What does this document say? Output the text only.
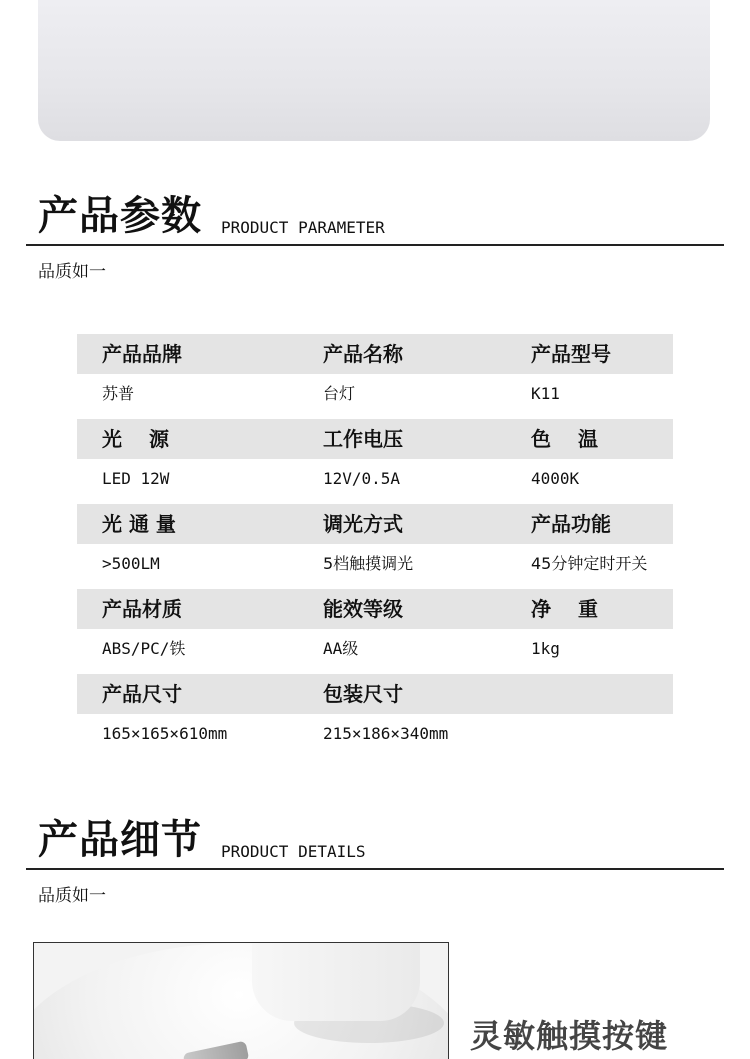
产品参数 PRODUCT PARAMETER
品质如一
产品品牌	产品名称	产品型号
苏普	台灯	K11
光　 源	工作电压	色　 温
LED 12W	12V/0.5A	4000K
光 通 量	调光方式	产品功能
>500LM	5档触摸调光	45分钟定时开关
产品材质	能效等级	净　 重
ABS/PC/铁	AA级	1kg
产品尺寸	包装尺寸
165×165×610mm	215×186×340mm
产品细节 PRODUCT DETAILS
品质如一
灵敏触摸按键
